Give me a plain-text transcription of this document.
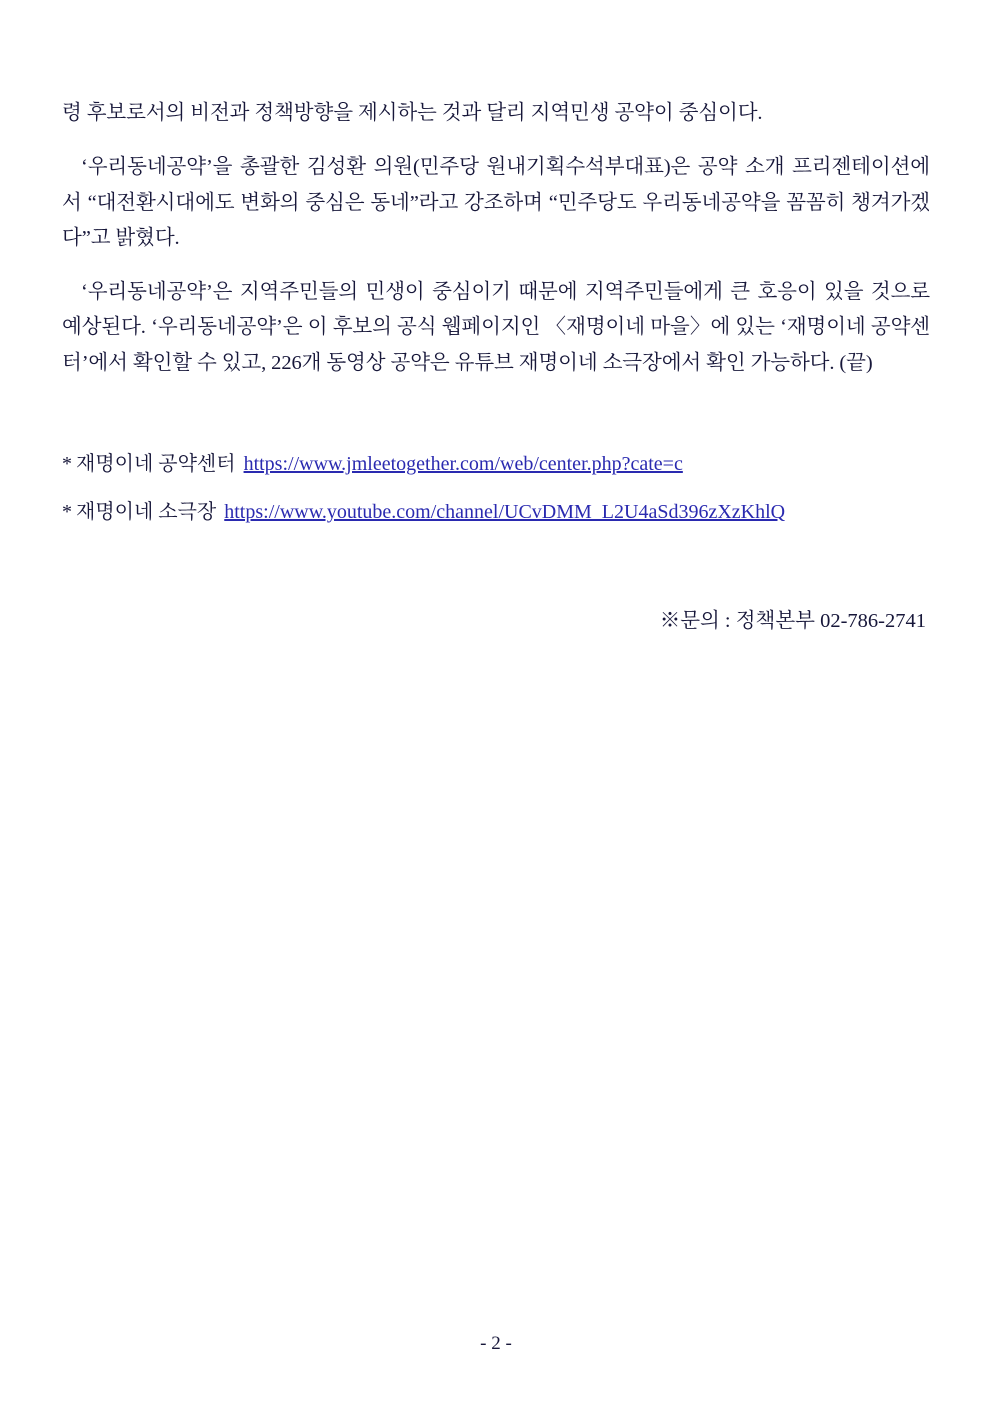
령 후보로서의 비전과 정책방향을 제시하는 것과 달리 지역민생 공약이 중심이다.

‘우리동네공약’을 총괄한 김성환 의원(민주당 원내기획수석부대표)은 공약 소개 프리젠테이션에서 “대전환시대에도 변화의 중심은 동네”라고 강조하며 “민주당도 우리동네공약을 꼼꼼히 챙겨가겠다”고 밝혔다.

‘우리동네공약’은 지역주민들의 민생이 중심이기 때문에 지역주민들에게 큰 호응이 있을 것으로 예상된다. ‘우리동네공약’은 이 후보의 공식 웹페이지인 〈재명이네 마을〉에 있는 ‘재명이네 공약센터’에서 확인할 수 있고, 226개 동영상 공약은 유튜브 재명이네 소극장에서 확인 가능하다. (끝)

* 재명이네 공약센터 https://www.jmleetogether.com/web/center.php?cate=c
* 재명이네 소극장 https://www.youtube.com/channel/UCvDMM_L2U4aSd396zXzKhlQ
※문의 : 정책본부 02-786-2741
- 2 -
